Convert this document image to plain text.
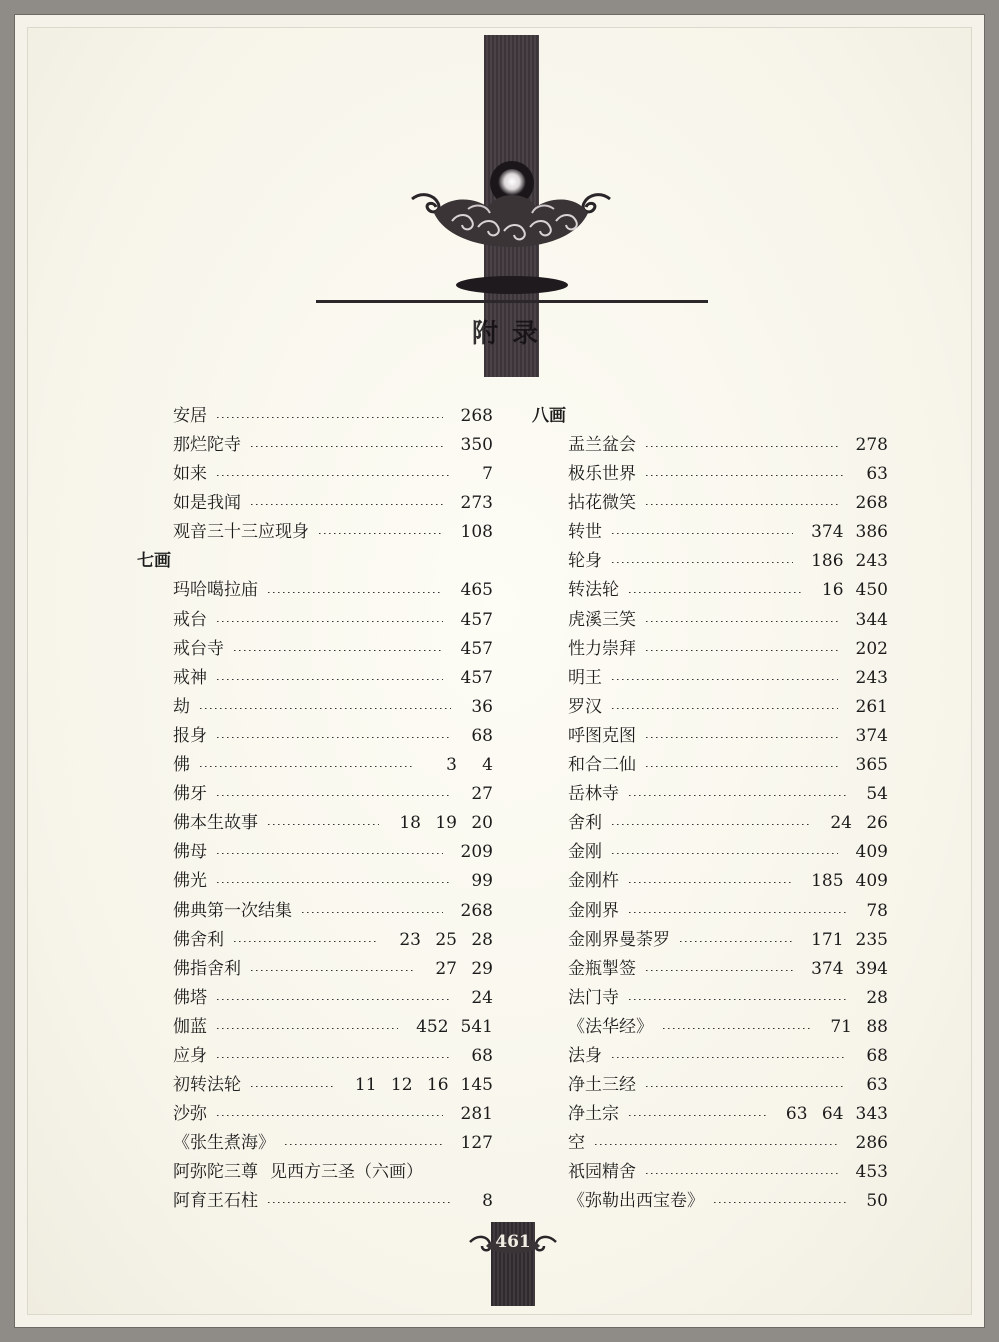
附录
安居	268
那烂陀寺	350
如来	7
如是我闻	273
观音三十三应现身	108
七画
玛哈噶拉庙	465
戒台	457
戒台寺	457
戒神	457
劫	36
报身	68
佛	3	4
佛牙	27
佛本生故事	18 19 20
佛母	209
佛光	99
佛典第一次结集	268
佛舍利	23 25 28
佛指舍利	27 29
佛塔	24
伽蓝	452 541
应身	68
初转法轮	11 12 16 145
沙弥	281
《张生煮海》	127
阿弥陀三尊 见西方三圣（六画）
阿育王石柱	8
八画
盂兰盆会	278
极乐世界	63
拈花微笑	268
转世	374 386
轮身	186 243
转法轮	16 450
虎溪三笑	344
性力崇拜	202
明王	243
罗汉	261
呼图克图	374
和合二仙	365
岳林寺	54
舍利	24 26
金刚	409
金刚杵	185 409
金刚界	78
金刚界曼荼罗	171 235
金瓶掣签	374 394
法门寺	28
《法华经》	71 88
法身	68
净土三经	63
净土宗	63 64 343
空	286
祇园精舍	453
《弥勒出西宝卷》	50
461
